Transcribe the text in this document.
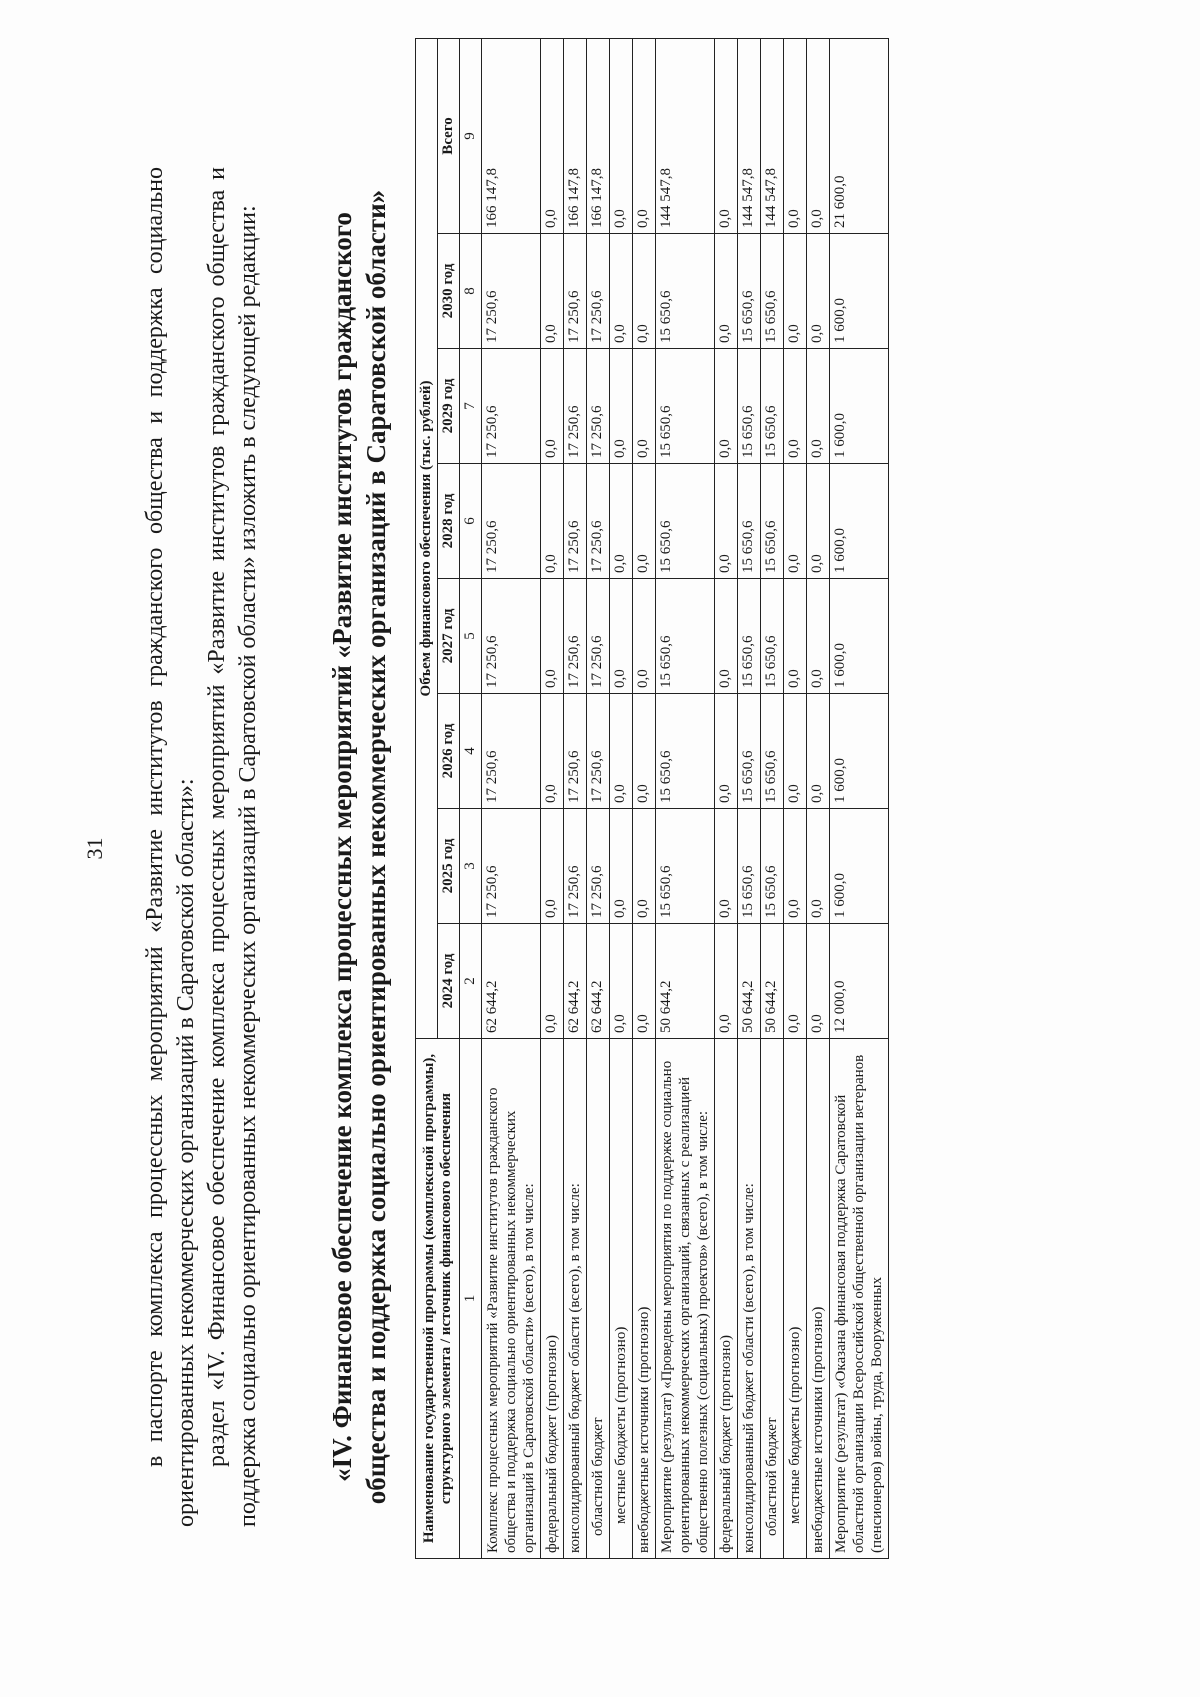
31 в паспорте комплекса процессных мероприятий «Развитие институтов гражданского общества и поддержка социально ориентированных некоммерческих организаций в Саратовской области»: раздел «IV. Финансовое обеспечение комплекса процессных мероприятий «Развитие институтов гражданского общества и поддержка социально ориентированных некоммерческих организаций в Саратовской области» изложить в следующей редакции: «IV. Финансовое обеспечение комплекса процессных мероприятий «Развитие институтов гражданского общества и поддержка социально ориентированных некоммерческих организаций в Саратовской области» Наименование государственной программы (комплексной программы), структурного элемента / источник финансового обеспечения	Объем финансового обеспечения (тыс. рублей)							
	2024 год	2025 год	2026 год	2027 год	2028 год	2029 год	2030 год	Всего
1	2	3	4	5	6	7	8	9
Комплекс процессных мероприятий «Развитие институтов гражданского общества и поддержка социально ориентированных некоммерческих организаций в Саратовской области» (всего), в том числе:	62 644,2	17 250,6	17 250,6	17 250,6	17 250,6	17 250,6	17 250,6	166 147,8
федеральный бюджет (прогнозно)	0,0	0,0	0,0	0,0	0,0	0,0	0,0	0,0
консолидированный бюджет области (всего), в том числе:	62 644,2	17 250,6	17 250,6	17 250,6	17 250,6	17 250,6	17 250,6	166 147,8
областной бюджет	62 644,2	17 250,6	17 250,6	17 250,6	17 250,6	17 250,6	17 250,6	166 147,8
местные бюджеты (прогнозно)	0,0	0,0	0,0	0,0	0,0	0,0	0,0	0,0
внебюджетные источники (прогнозно)	0,0	0,0	0,0	0,0	0,0	0,0	0,0	0,0
Мероприятие (результат) «Проведены мероприятия по поддержке социально ориентированных некоммерческих организаций, связанных с реализацией общественно полезных (социальных) проектов» (всего), в том числе:	50 644,2	15 650,6	15 650,6	15 650,6	15 650,6	15 650,6	15 650,6	144 547,8
федеральный бюджет (прогнозно)	0,0	0,0	0,0	0,0	0,0	0,0	0,0	0,0
консолидированный бюджет области (всего), в том числе:	50 644,2	15 650,6	15 650,6	15 650,6	15 650,6	15 650,6	15 650,6	144 547,8
областной бюджет	50 644,2	15 650,6	15 650,6	15 650,6	15 650,6	15 650,6	15 650,6	144 547,8
местные бюджеты (прогнозно)	0,0	0,0	0,0	0,0	0,0	0,0	0,0	0,0
внебюджетные источники (прогнозно)	0,0	0,0	0,0	0,0	0,0	0,0	0,0	0,0
Мероприятие (результат) «Оказана финансовая поддержка Саратовской областной организации Всероссийской общественной организации ветеранов (пенсионеров) войны, труда, Вооруженных	12 000,0	1 600,0	1 600,0	1 600,0	1 600,0	1 600,0	1 600,0	21 600,0
